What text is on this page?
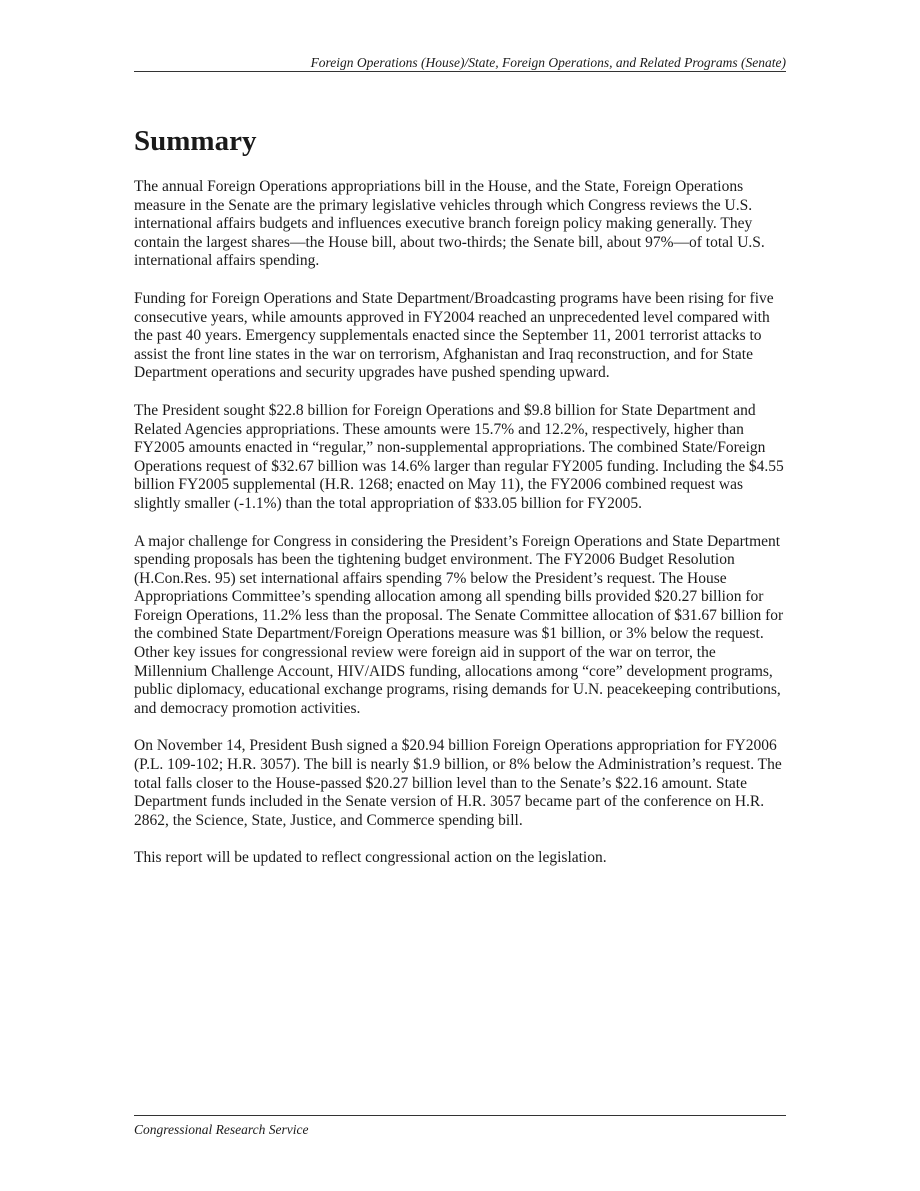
Foreign Operations (House)/State, Foreign Operations, and Related Programs (Senate)
Summary

The annual Foreign Operations appropriations bill in the House, and the State, Foreign Operations measure in the Senate are the primary legislative vehicles through which Congress reviews the U.S. international affairs budgets and influences executive branch foreign policy making generally. They contain the largest shares—the House bill, about two-thirds; the Senate bill, about 97%—of total U.S. international affairs spending.

Funding for Foreign Operations and State Department/Broadcasting programs have been rising for five consecutive years, while amounts approved in FY2004 reached an unprecedented level compared with the past 40 years. Emergency supplementals enacted since the September 11, 2001 terrorist attacks to assist the front line states in the war on terrorism, Afghanistan and Iraq reconstruction, and for State Department operations and security upgrades have pushed spending upward.

The President sought $22.8 billion for Foreign Operations and $9.8 billion for State Department and Related Agencies appropriations. These amounts were 15.7% and 12.2%, respectively, higher than FY2005 amounts enacted in “regular,” non-supplemental appropriations. The combined State/Foreign Operations request of $32.67 billion was 14.6% larger than regular FY2005 funding. Including the $4.55 billion FY2005 supplemental (H.R. 1268; enacted on May 11), the FY2006 combined request was slightly smaller (-1.1%) than the total appropriation of $33.05 billion for FY2005.

A major challenge for Congress in considering the President’s Foreign Operations and State Department spending proposals has been the tightening budget environment. The FY2006 Budget Resolution (H.Con.Res. 95) set international affairs spending 7% below the President’s request. The House Appropriations Committee’s spending allocation among all spending bills provided $20.27 billion for Foreign Operations, 11.2% less than the proposal. The Senate Committee allocation of $31.67 billion for the combined State Department/Foreign Operations measure was $1 billion, or 3% below the request. Other key issues for congressional review were foreign aid in support of the war on terror, the Millennium Challenge Account, HIV/AIDS funding, allocations among “core” development programs, public diplomacy, educational exchange programs, rising demands for U.N. peacekeeping contributions, and democracy promotion activities.

On November 14, President Bush signed a $20.94 billion Foreign Operations appropriation for FY2006 (P.L. 109-102; H.R. 3057). The bill is nearly $1.9 billion, or 8% below the Administration’s request. The total falls closer to the House-passed $20.27 billion level than to the Senate’s $22.16 amount. State Department funds included in the Senate version of H.R. 3057 became part of the conference on H.R. 2862, the Science, State, Justice, and Commerce spending bill.

This report will be updated to reflect congressional action on the legislation.

Congressional Research Service
